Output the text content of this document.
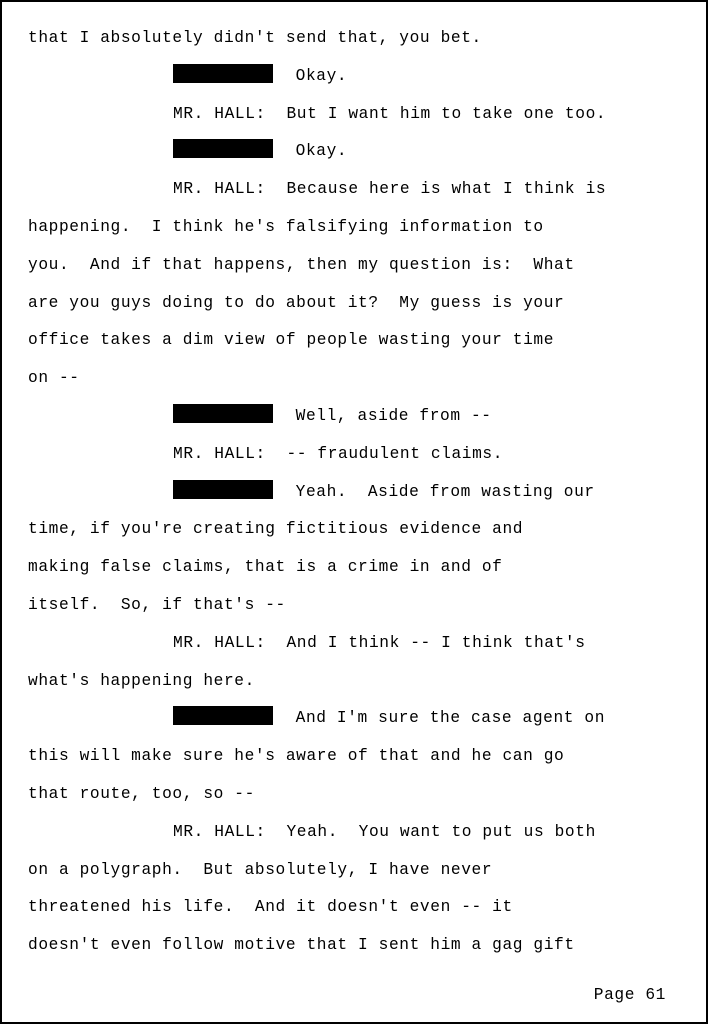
that I absolutely didn't send that, you bet.
Okay.
MR. HALL:  But I want him to take one too.
Okay.
MR. HALL:  Because here is what I think is
happening.  I think he's falsifying information to
you.  And if that happens, then my question is:  What
are you guys doing to do about it?  My guess is your
office takes a dim view of people wasting your time
on --
Well, aside from --
MR. HALL:  -- fraudulent claims.
Yeah.  Aside from wasting our
time, if you're creating fictitious evidence and
making false claims, that is a crime in and of
itself.  So, if that's --
MR. HALL:  And I think -- I think that's
what's happening here.
And I'm sure the case agent on
this will make sure he's aware of that and he can go
that route, too, so --
MR. HALL:  Yeah.  You want to put us both
on a polygraph.  But absolutely, I have never
threatened his life.  And it doesn't even -- it
doesn't even follow motive that I sent him a gag gift
Page 61
